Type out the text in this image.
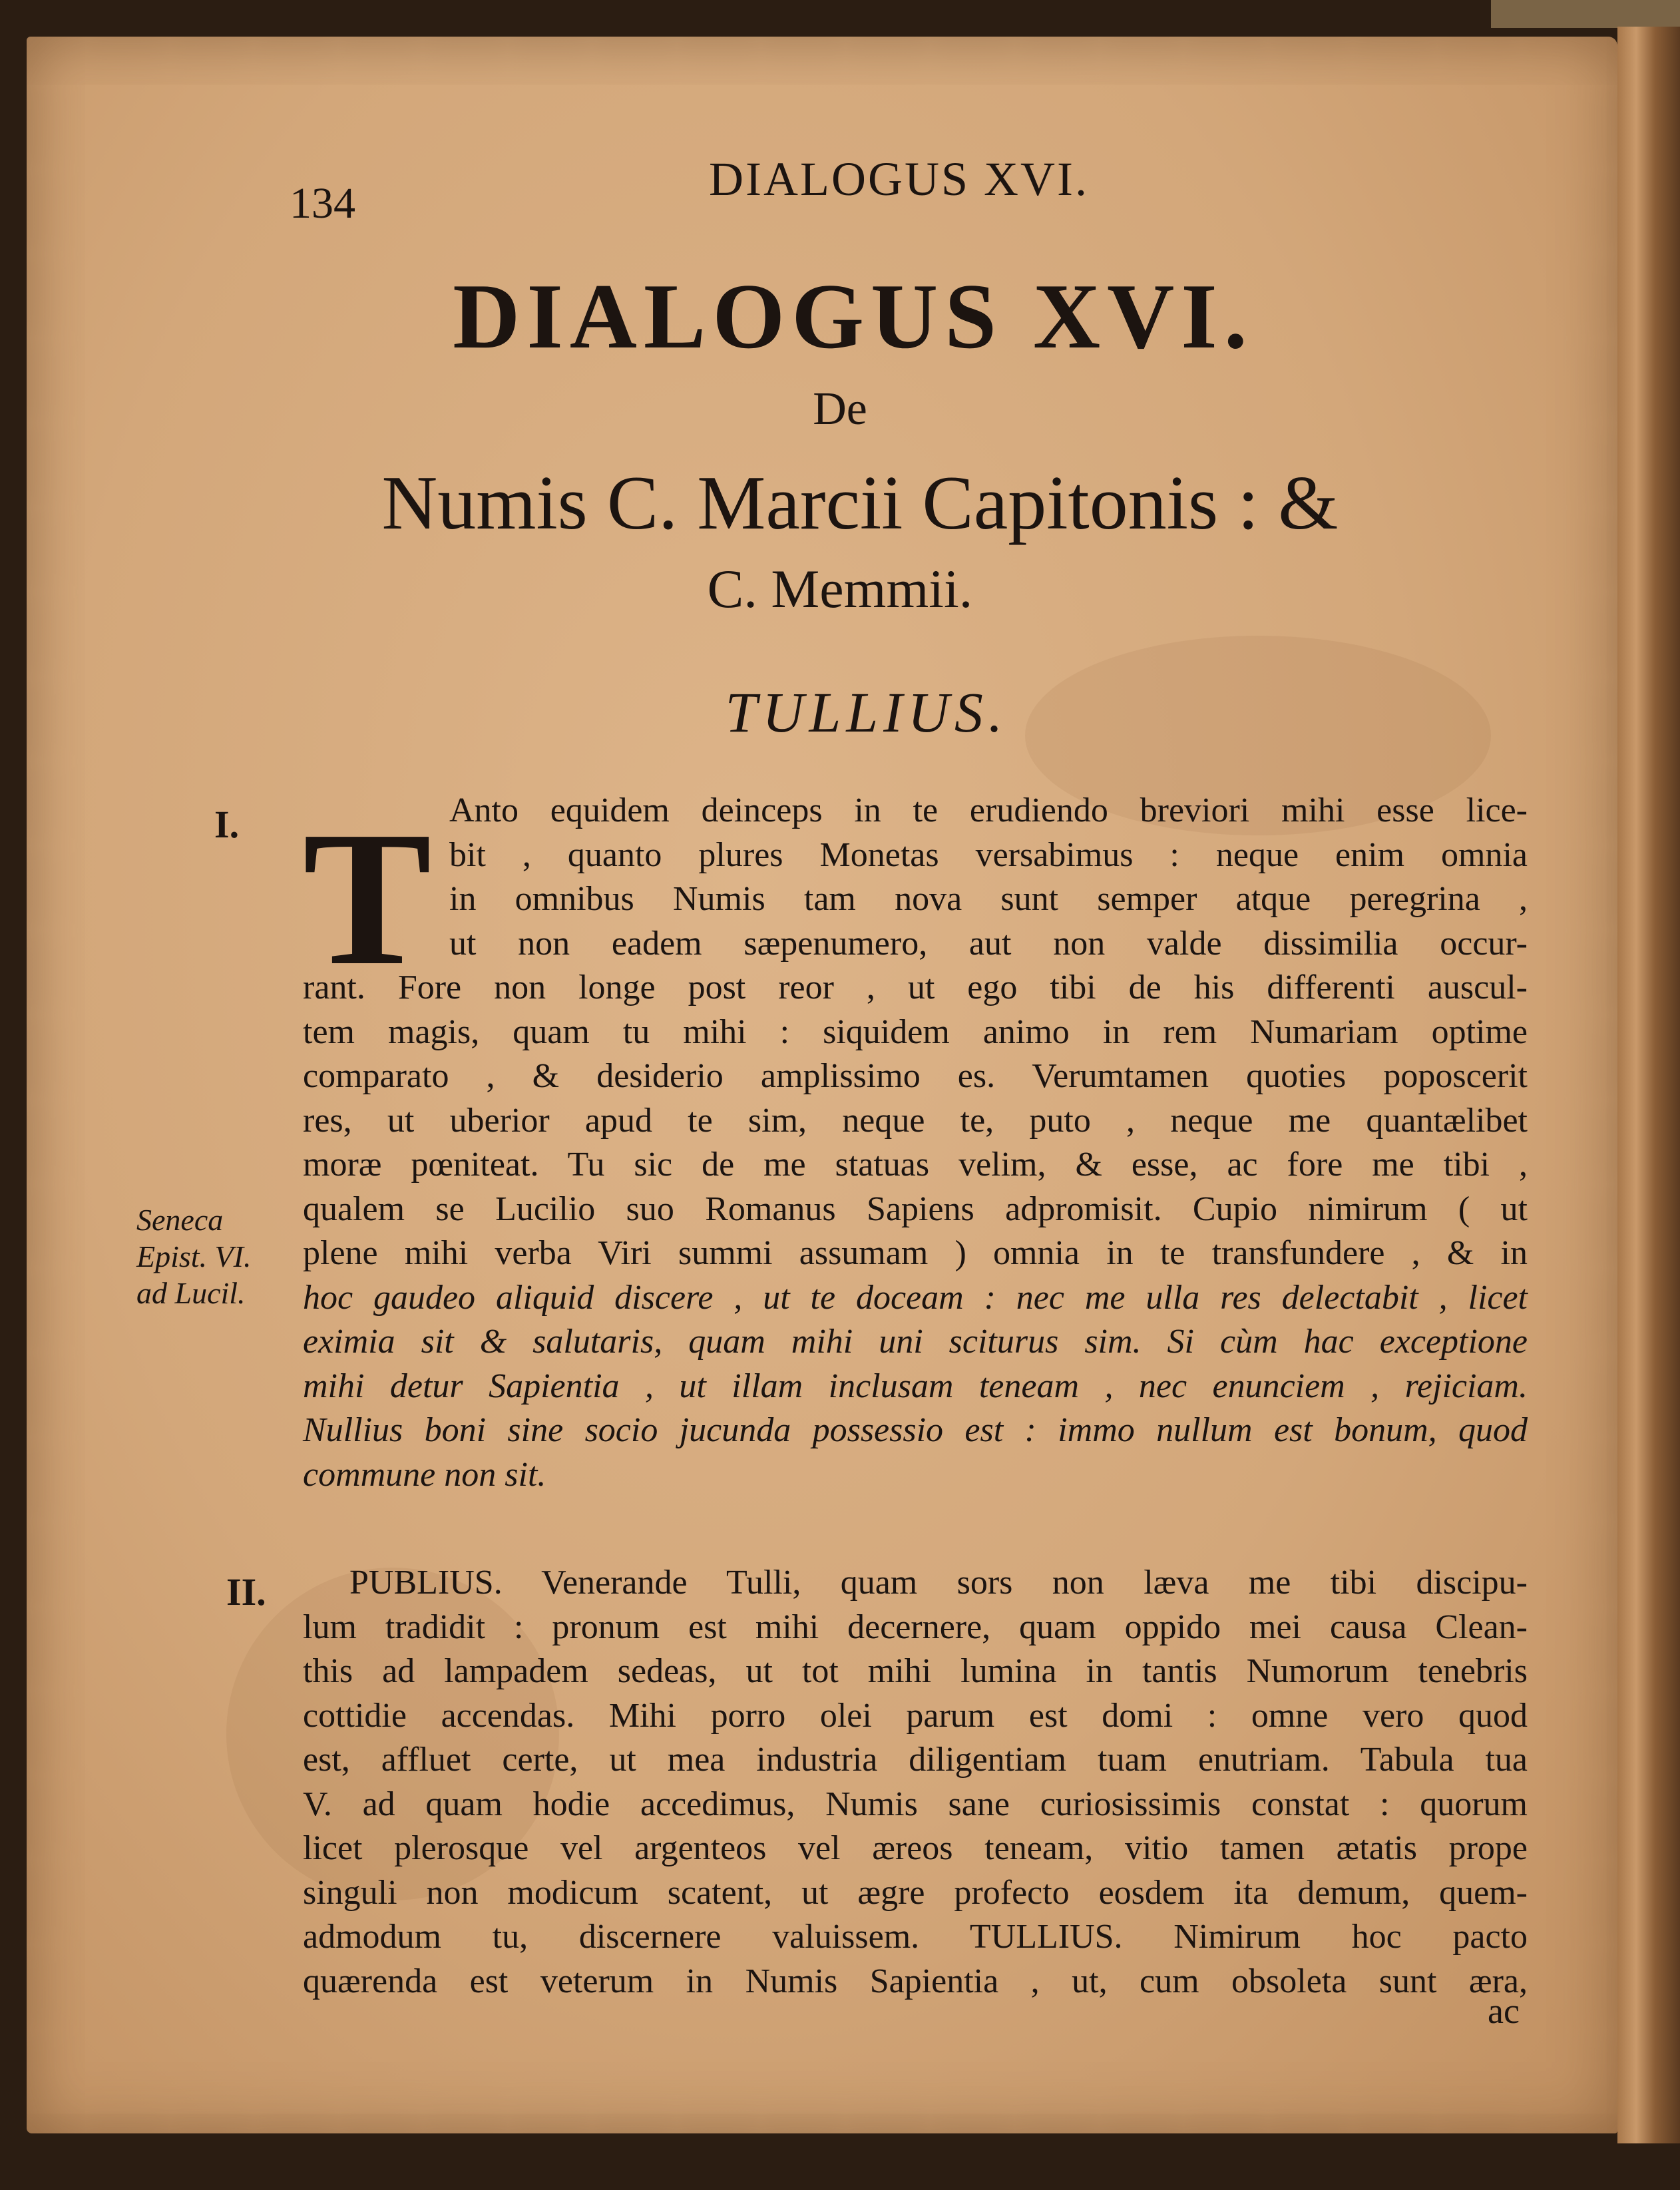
134	DIALOGUS XVI.
DIALOGUS XVI.
De
Numis C. Marcii Capitonis : &
C. Memmii.
TULLIUS.
I. T Anto equidem deinceps in te erudiendo breviori mihi esse lice-
bit , quanto plures Monetas versabimus : neque enim omnia
in omnibus Numis tam nova sunt semper atque peregrina ,
ut non eadem sæpenumero, aut non valde dissimilia occur-
rant. Fore non longe post reor , ut ego tibi de his differenti auscul-
tem magis, quam tu mihi : siquidem animo in rem Numariam optime
comparato , & desiderio amplissimo es. Verumtamen quoties poposcerit
res, ut uberior apud te sim, neque te, puto , neque me quantælibet
moræ pœniteat. Tu sic de me statuas velim, & esse, ac fore me tibi ,
qualem se Lucilio suo Romanus Sapiens adpromisit. Cupio nimirum ( ut
plene mihi verba Viri summi assumam ) omnia in te transfundere , & in
hoc gaudeo aliquid discere , ut te doceam : nec me ulla res delectabit , licet
eximia sit & salutaris, quam mihi uni sciturus sim. Si cùm hac exceptione
mihi detur Sapientia , ut illam inclusam teneam , nec enunciem , rejiciam.
Nullius boni sine socio jucunda possessio est : immo nullum est bonum, quod
commune non sit.
Seneca
Epist. VI.
ad Lucil.
II.	PUBLIUS. Venerande Tulli, quam sors non læva me tibi discipu-
lum tradidit : pronum est mihi decernere, quam oppido mei causa Clean-
this ad lampadem sedeas, ut tot mihi lumina in tantis Numorum tenebris
cottidie accendas. Mihi porro olei parum est domi : omne vero quod
est, affluet certe, ut mea industria diligentiam tuam enutriam. Tabula tua
V. ad quam hodie accedimus, Numis sane curiosissimis constat : quorum
licet plerosque vel argenteos vel æreos teneam, vitio tamen ætatis prope
singuli non modicum scatent, ut ægre profecto eosdem ita demum, quem-
admodum tu, discernere valuissem. TULLIUS. Nimirum hoc pacto
quærenda est veterum in Numis Sapientia , ut, cum obsoleta sunt æra,
ac
